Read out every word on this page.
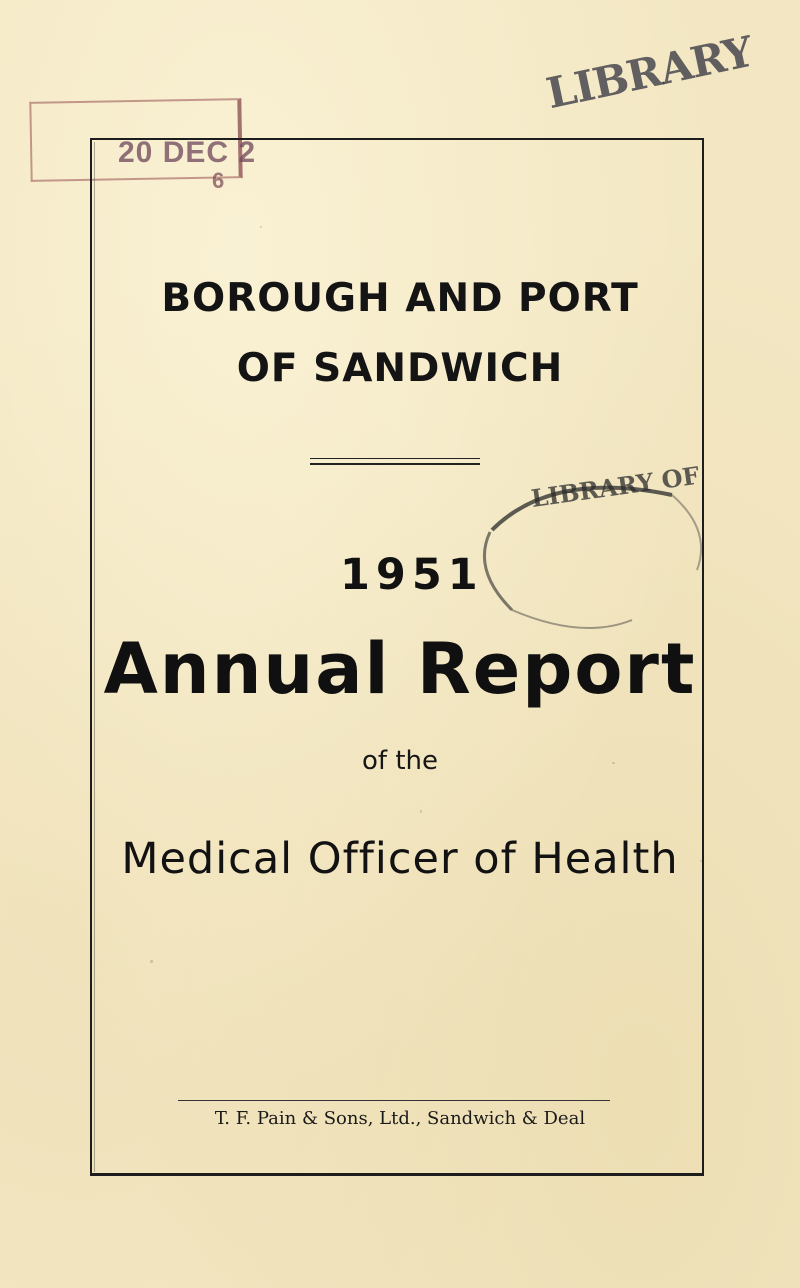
20 DEC 2
6
LIBRARY
BOROUGH AND PORT
OF SANDWICH
LIBRARY OF
1951
Annual Report
of the
Medical Officer of Health
T. F. Pain & Sons, Ltd., Sandwich & Deal
